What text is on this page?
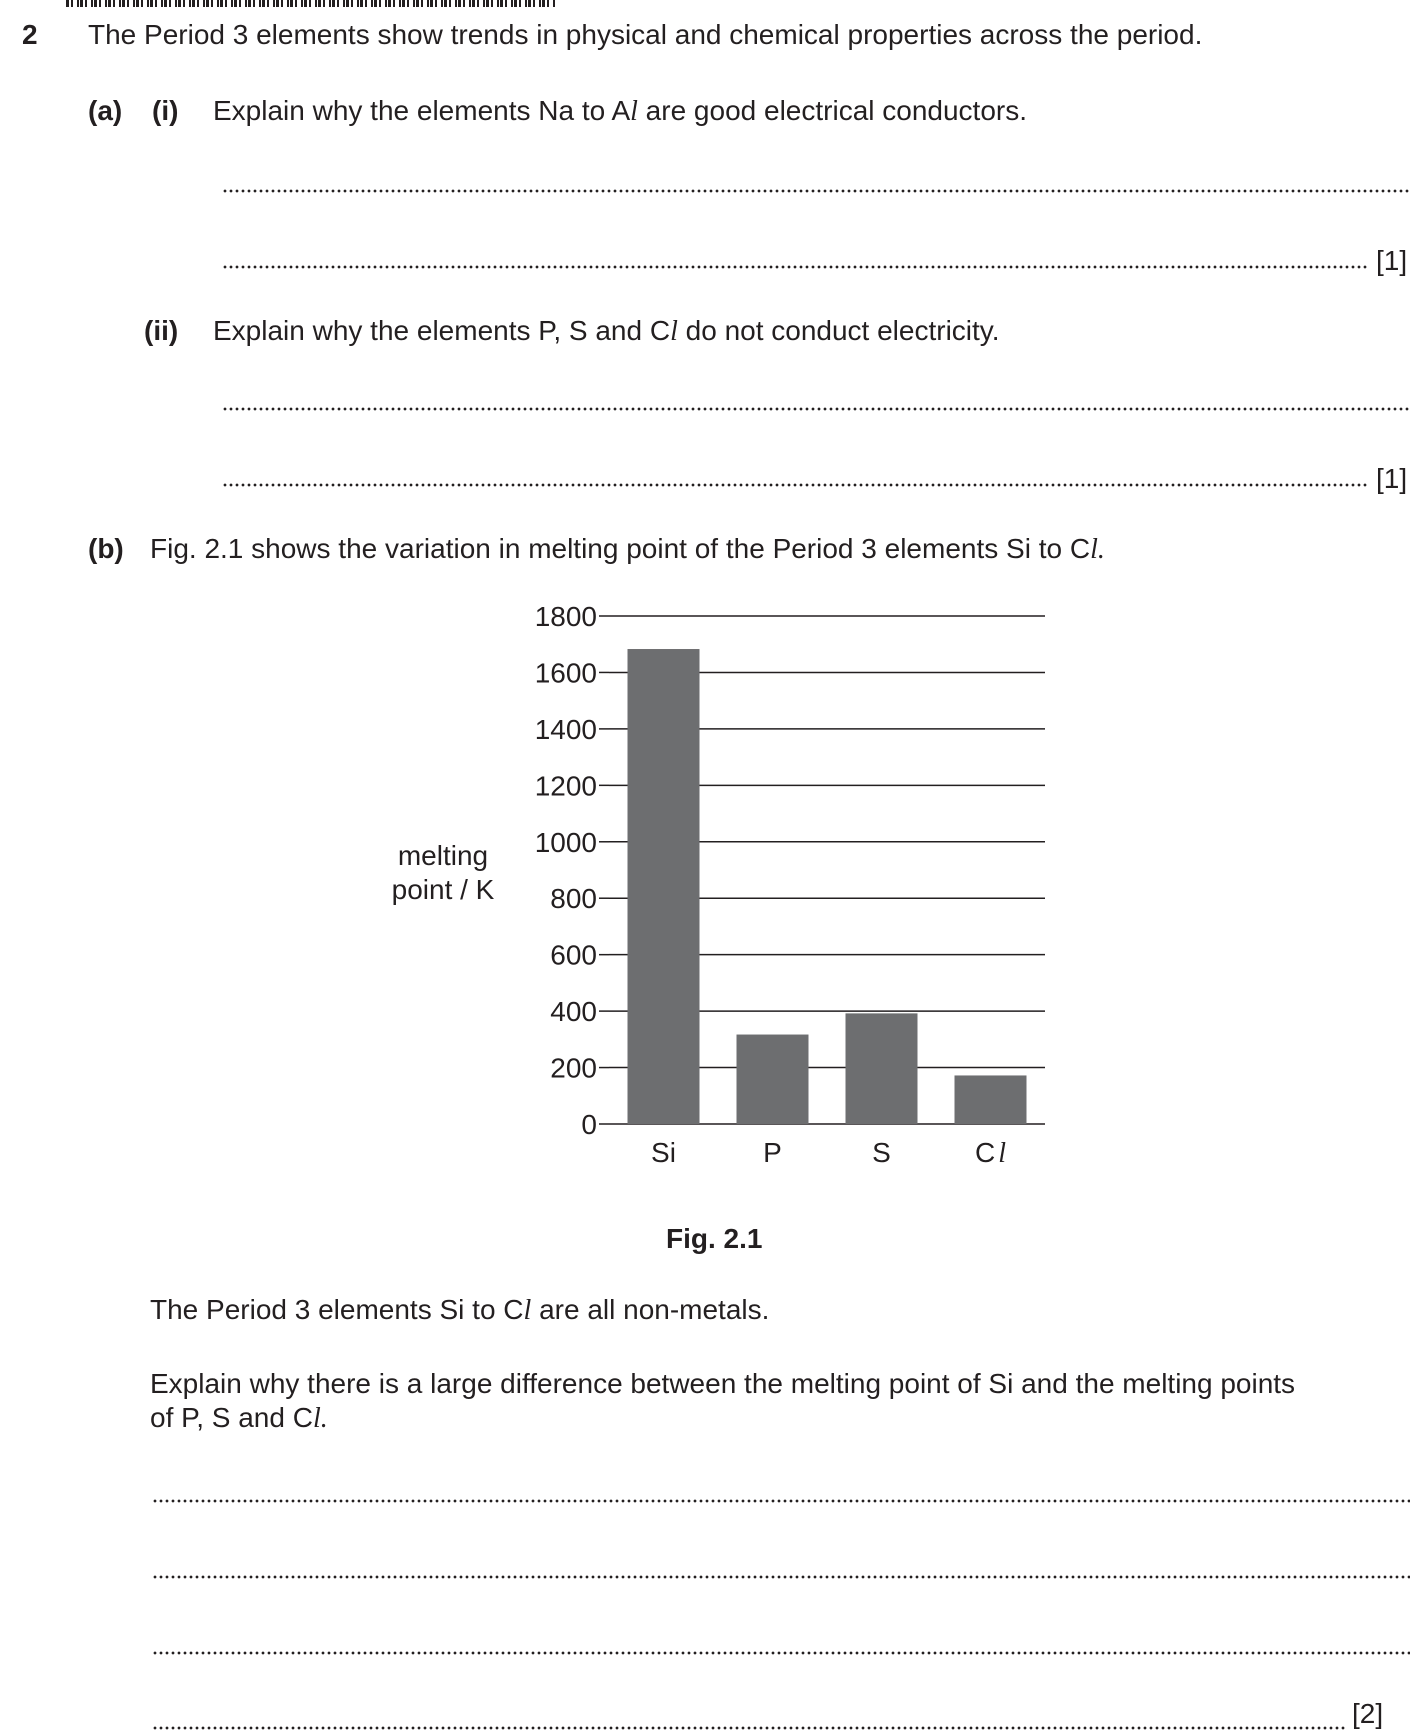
2 The Period 3 elements show trends in physical and chemical properties across the period.
(a) (i) Explain why the elements Na to Al are good electrical conductors.
[1]
(ii) Explain why the elements P, S and Cl do not conduct electricity.
[1]
(b) Fig. 2.1 shows the variation in melting point of the Period 3 elements Si to Cl.
0
200
400
600
800
1000
1200
1400
1600
1800
Si	P	S	C l
melting
point / K
Fig. 2.1
The Period 3 elements Si to Cl are all non-metals.
Explain why there is a large difference between the melting point of Si and the melting points
of P, S and Cl.
[2]
